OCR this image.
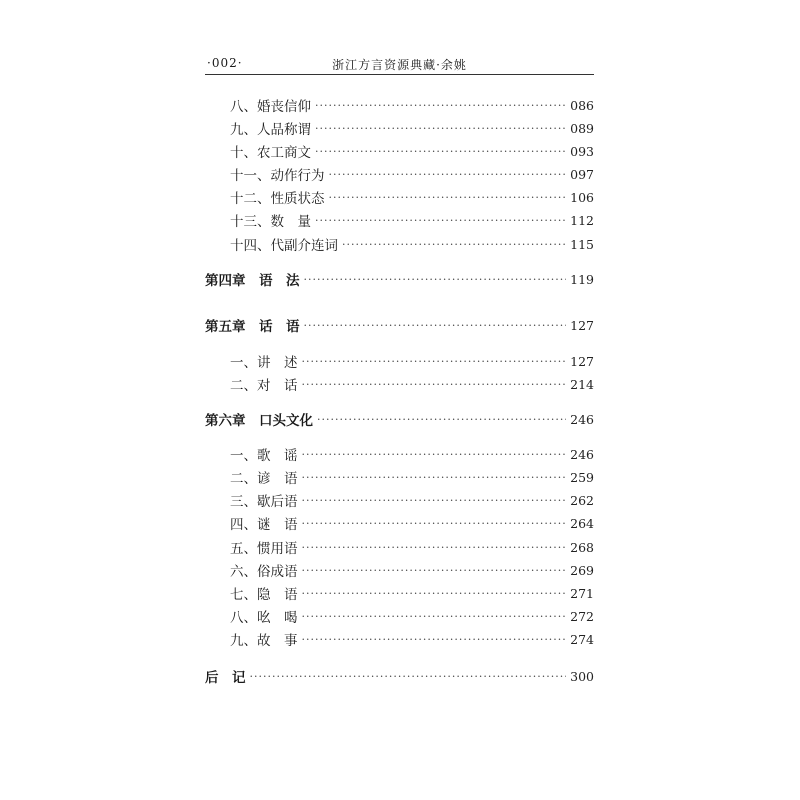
·002·	浙江方言资源典藏·余姚
八、婚丧信仰 ·····	086
九、人品称谓 ·····	089
十、农工商文 ·····	093
十一、动作行为 ·····	097
十二、性质状态 ·····	106
十三、数　量 ·····	112
十四、代副介连词 ·····	115
第四章　语　法 ·····	119
第五章　话　语 ·····	127
一、讲　述 ·····	127
二、对　话 ·····	214
第六章　口头文化 ·····	246
一、歌　谣 ·····	246
二、谚　语 ·····	259
三、歇后语 ·····	262
四、谜　语 ·····	264
五、惯用语 ·····	268
六、俗成语 ·····	269
七、隐　语 ·····	271
八、吆　喝 ·····	272
九、故　事 ·····	274
后　记 ·····	300
